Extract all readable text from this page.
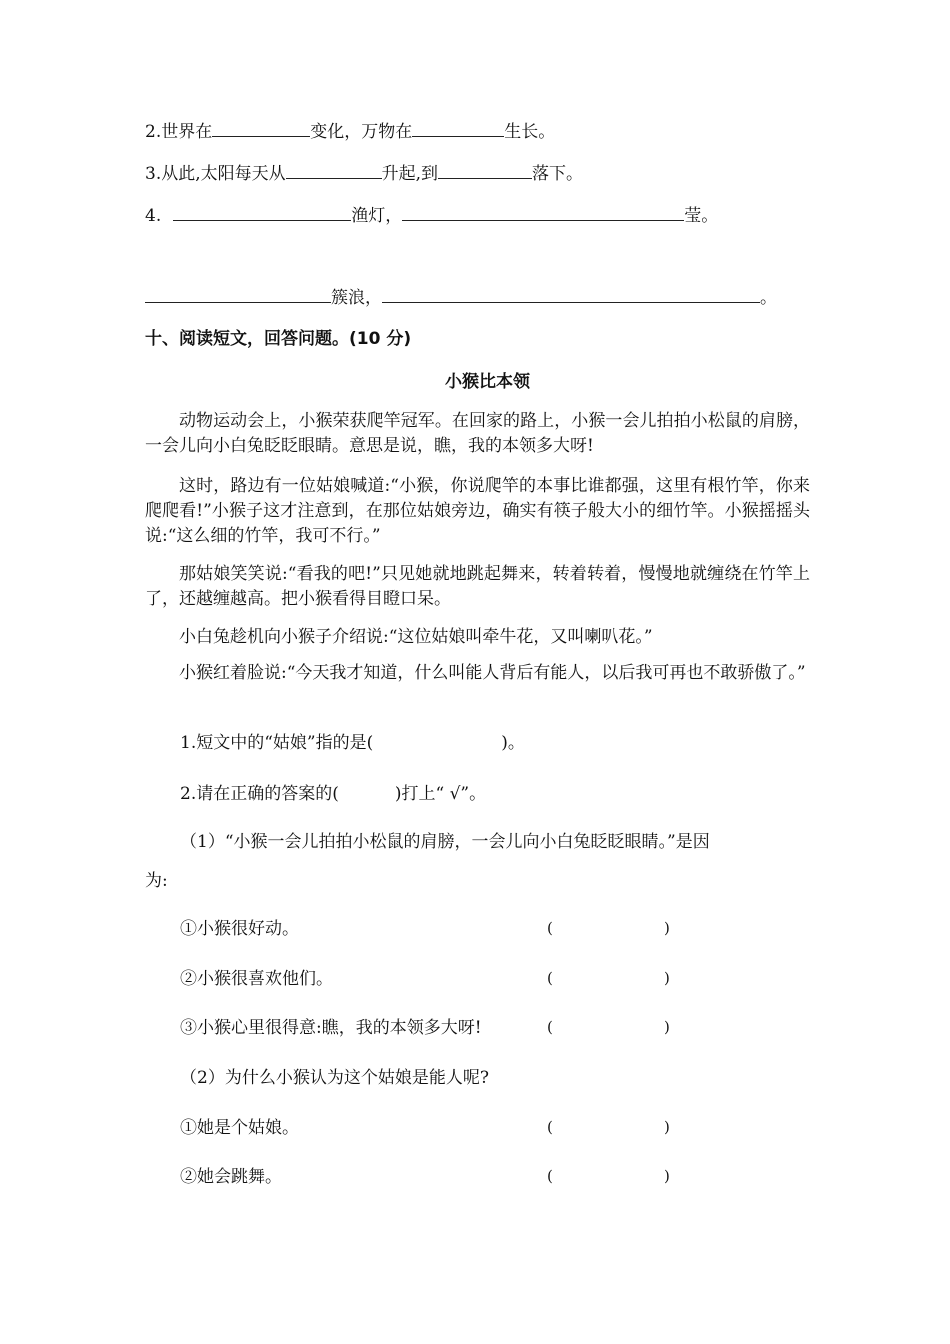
2.世界在	变化，万物在	生长。
3.从此,太阳每天从	升起,到	落下。
4.	渔灯，	莹。
簇浪，	。
十、阅读短文，回答问题。(10 分)
小猴比本领
动物运动会上，小猴荣获爬竿冠军。在回家的路上，小猴一会儿拍拍小松鼠的肩膀，一会儿向小白兔眨眨眼睛。意思是说，瞧，我的本领多大呀!
这时，路边有一位姑娘喊道:“小猴，你说爬竿的本事比谁都强，这里有根竹竿，你来爬爬看!”小猴子这才注意到，在那位姑娘旁边，确实有筷子般大小的细竹竿。小猴摇摇头说:“这么细的竹竿，我可不行。”
那姑娘笑笑说:“看我的吧!”只见她就地跳起舞来，转着转着，慢慢地就缠绕在竹竿上了，还越缠越高。把小猴看得目瞪口呆。
小白兔趁机向小猴子介绍说:“这位姑娘叫牵牛花，又叫喇叭花。”
小猴红着脸说:“今天我才知道，什么叫能人背后有能人，以后我可再也不敢骄傲了。”
1.短文中的“姑娘”指的是(	)。
2.请在正确的答案的(	)打上“ √”。
（1）“小猴一会儿拍拍小松鼠的肩膀，一会儿向小白兔眨眨眼睛。”是因
为:
①小猴很好动。	(	)
②小猴很喜欢他们。	(	)
③小猴心里很得意:瞧，我的本领多大呀!	(	)
（2）为什么小猴认为这个姑娘是能人呢?
①她是个姑娘。	(	)
②她会跳舞。	(	)
